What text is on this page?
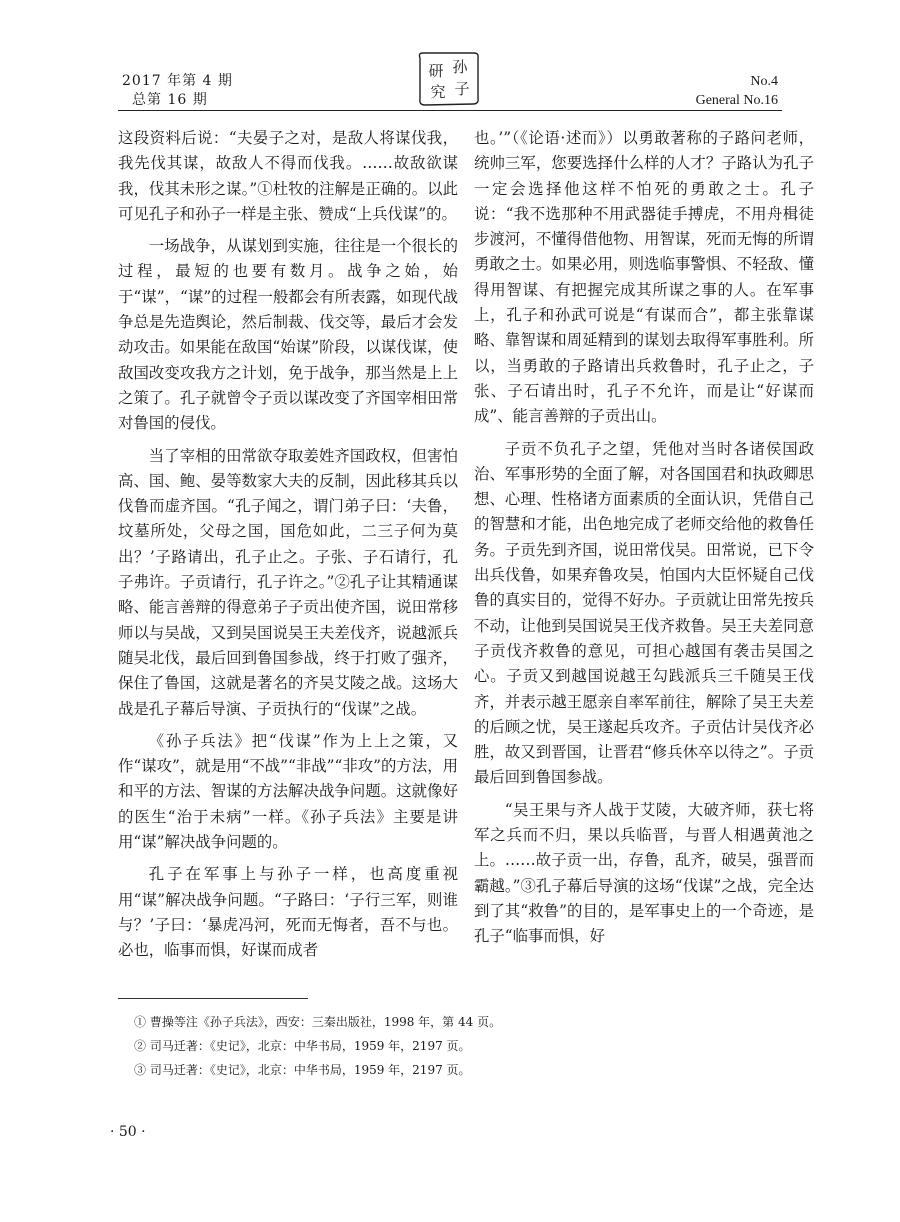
2017 年第 4 期
总第 16 期
研 孙
究 子	No.4
General No.16

这段资料后说：“夫晏子之对，是敌人将谋伐我，我先伐其谋，故敌人不得而伐我。……故敌欲谋我，伐其未形之谋。”①杜牧的注解是正确的。以此可见孔子和孙子一样是主张、赞成“上兵伐谋”的。

一场战争，从谋划到实施，往往是一个很长的过程，最短的也要有数月。战争之始，始于“谋”，“谋”的过程一般都会有所表露，如现代战争总是先造舆论，然后制裁、伐交等，最后才会发动攻击。如果能在敌国“始谋”阶段，以谋伐谋，使敌国改变攻我方之计划，免于战争，那当然是上上之策了。孔子就曾令子贡以谋改变了齐国宰相田常对鲁国的侵伐。

当了宰相的田常欲夺取姜姓齐国政权，但害怕高、国、鲍、晏等数家大夫的反制，因此移其兵以伐鲁而虚齐国。“孔子闻之，谓门弟子曰：‘夫鲁，坟墓所处，父母之国，国危如此，二三子何为莫出？’子路请出，孔子止之。子张、子石请行，孔子弗许。子贡请行，孔子许之。”②孔子让其精通谋略、能言善辩的得意弟子子贡出使齐国，说田常移师以与吴战，又到吴国说吴王夫差伐齐，说越派兵随吴北伐，最后回到鲁国参战，终于打败了强齐，保住了鲁国，这就是著名的齐吴艾陵之战。这场大战是孔子幕后导演、子贡执行的“伐谋”之战。

《孙子兵法》把“伐谋”作为上上之策，又作“谋攻”，就是用“不战”“非战”“非攻”的方法，用和平的方法、智谋的方法解决战争问题。这就像好的医生“治于未病”一样。《孙子兵法》主要是讲用“谋”解决战争问题的。

孔子在军事上与孙子一样，也高度重视用“谋”解决战争问题。“子路曰：‘子行三军，则谁与？’子曰：‘暴虎冯河，死而无悔者，吾不与也。必也，临事而惧，好谋而成者

也。’”（《论语·述而》）以勇敢著称的子路问老师，统帅三军，您要选择什么样的人才？子路认为孔子一定会选择他这样不怕死的勇敢之士。孔子说：“我不选那种不用武器徒手搏虎，不用舟楫徒步渡河，不懂得借他物、用智谋，死而无悔的所谓勇敢之士。如果必用，则选临事警惧、不轻敌、懂得用智谋、有把握完成其所谋之事的人。在军事上，孔子和孙武可说是“有谋而合”，都主张靠谋略、靠智谋和周延精到的谋划去取得军事胜利。所以，当勇敢的子路请出兵救鲁时，孔子止之，子张、子石请出时，孔子不允许，而是让“好谋而成”、能言善辩的子贡出山。

子贡不负孔子之望，凭他对当时各诸侯国政治、军事形势的全面了解，对各国国君和执政卿思想、心理、性格诸方面素质的全面认识，凭借自己的智慧和才能，出色地完成了老师交给他的救鲁任务。子贡先到齐国，说田常伐吴。田常说，已下令出兵伐鲁，如果弃鲁攻吴，怕国内大臣怀疑自己伐鲁的真实目的，觉得不好办。子贡就让田常先按兵不动，让他到吴国说吴王伐齐救鲁。吴王夫差同意子贡伐齐救鲁的意见，可担心越国有袭击吴国之心。子贡又到越国说越王勾践派兵三千随吴王伐齐，并表示越王愿亲自率军前往，解除了吴王夫差的后顾之忧，吴王遂起兵攻齐。子贡估计吴伐齐必胜，故又到晋国，让晋君“修兵休卒以待之”。子贡最后回到鲁国参战。

“吴王果与齐人战于艾陵，大破齐师，获七将军之兵而不归，果以兵临晋，与晋人相遇黄池之上。……故子贡一出，存鲁，乱齐，破吴，强晋而霸越。”③孔子幕后导演的这场“伐谋”之战，完全达到了其“救鲁”的目的，是军事史上的一个奇迹，是孔子“临事而惧，好

① 曹操等注《孙子兵法》，西安：三秦出版社，1998 年，第 44 页。
② 司马迁著：《史记》，北京：中华书局，1959 年，2197 页。
③ 司马迁著：《史记》，北京：中华书局，1959 年，2197 页。
· 50 ·
